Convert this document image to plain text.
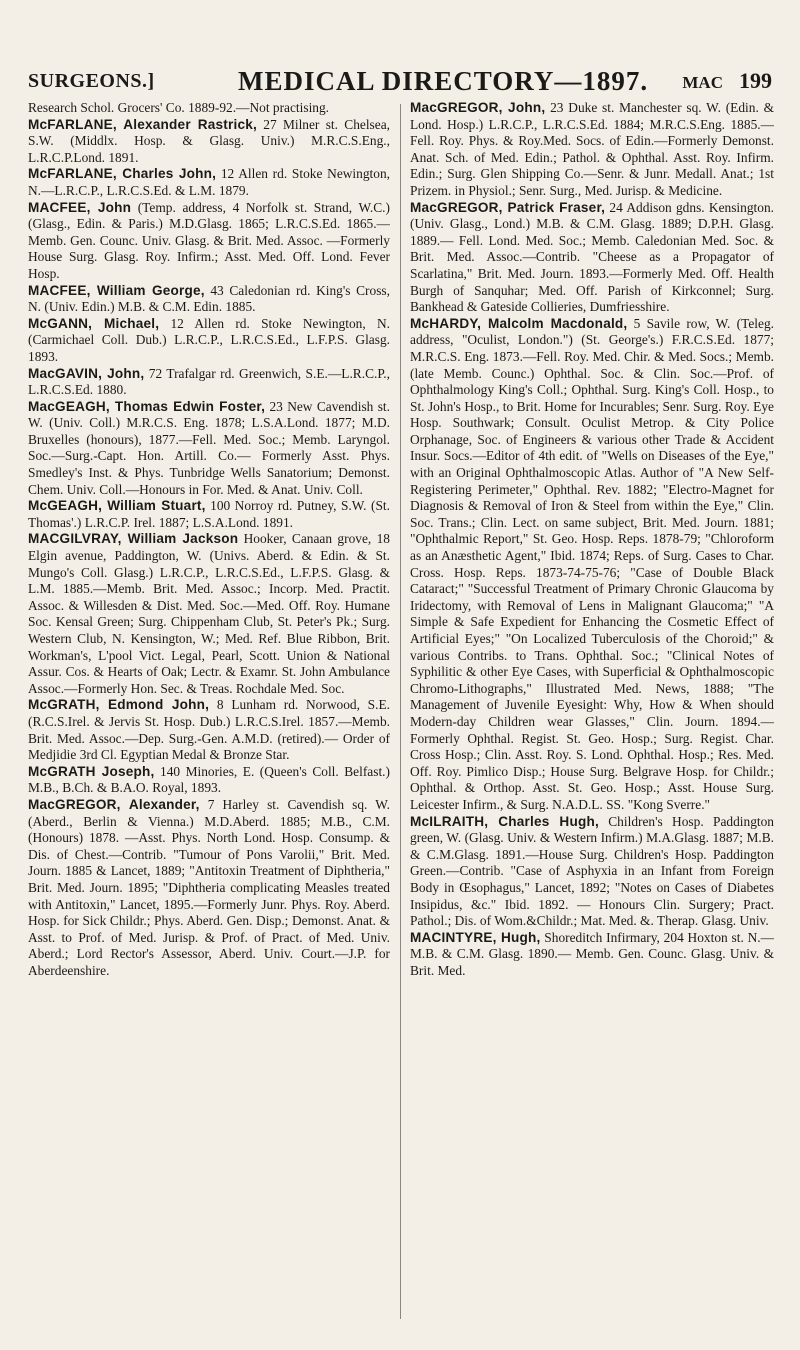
SURGEONS.]	MEDICAL DIRECTORY—1897. MAC 199

Research Schol. Grocers' Co. 1889-92.—Not practising.

McFARLANE, Alexander Rastrick, 27 Milner st. Chelsea, S.W. (Middlx. Hosp. & Glasg. Univ.) M.R.C.S.Eng., L.R.C.P.Lond. 1891.

McFARLANE, Charles John, 12 Allen rd. Stoke Newington, N.—L.R.C.P., L.R.C.S.Ed. & L.M. 1879.

MACFEE, John (Temp. address, 4 Norfolk st. Strand, W.C.) (Glasg., Edin. & Paris.) M.D.Glasg. 1865; L.R.C.S.Ed. 1865.—Memb. Gen. Counc. Univ. Glasg. & Brit. Med. Assoc. —Formerly House Surg. Glasg. Roy. Infirm.; Asst. Med. Off. Lond. Fever Hosp.

MACFEE, William George, 43 Caledonian rd. King's Cross, N. (Univ. Edin.) M.B. & C.M. Edin. 1885.

McGANN, Michael, 12 Allen rd. Stoke Newington, N. (Carmichael Coll. Dub.) L.R.C.P., L.R.C.S.Ed., L.F.P.S. Glasg. 1893.

MacGAVIN, John, 72 Trafalgar rd. Greenwich, S.E.—L.R.C.P., L.R.C.S.Ed. 1880.

MacGEAGH, Thomas Edwin Foster, 23 New Cavendish st. W. (Univ. Coll.) M.R.C.S. Eng. 1878; L.S.A.Lond. 1877; M.D. Bruxelles (honours), 1877.—Fell. Med. Soc.; Memb. Laryngol. Soc.—Surg.-Capt. Hon. Artill. Co.— Formerly Asst. Phys. Smedley's Inst. & Phys. Tunbridge Wells Sanatorium; Demonst. Chem. Univ. Coll.—Honours in For. Med. & Anat. Univ. Coll.

McGEAGH, William Stuart, 100 Norroy rd. Putney, S.W. (St. Thomas'.) L.R.C.P. Irel. 1887; L.S.A.Lond. 1891.

MACGILVRAY, William Jackson Hooker, Canaan grove, 18 Elgin avenue, Paddington, W. (Univs. Aberd. & Edin. & St. Mungo's Coll. Glasg.) L.R.C.P., L.R.C.S.Ed., L.F.P.S. Glasg. & L.M. 1885.—Memb. Brit. Med. Assoc.; Incorp. Med. Practit. Assoc. & Willesden & Dist. Med. Soc.—Med. Off. Roy. Humane Soc. Kensal Green; Surg. Chippenham Club, St. Peter's Pk.; Surg. Western Club, N. Kensington, W.; Med. Ref. Blue Ribbon, Brit. Workman's, L'pool Vict. Legal, Pearl, Scott. Union & National Assur. Cos. & Hearts of Oak; Lectr. & Examr. St. John Ambulance Assoc.—Formerly Hon. Sec. & Treas. Rochdale Med. Soc.

McGRATH, Edmond John, 8 Lunham rd. Norwood, S.E. (R.C.S.Irel. & Jervis St. Hosp. Dub.) L.R.C.S.Irel. 1857.—Memb. Brit. Med. Assoc.—Dep. Surg.-Gen. A.M.D. (retired).— Order of Medjidie 3rd Cl. Egyptian Medal & Bronze Star.

McGRATH Joseph, 140 Minories, E. (Queen's Coll. Belfast.) M.B., B.Ch. & B.A.O. Royal, 1893.

MacGREGOR, Alexander, 7 Harley st. Cavendish sq. W. (Aberd., Berlin & Vienna.) M.D.Aberd. 1885; M.B., C.M. (Honours) 1878. —Asst. Phys. North Lond. Hosp. Consump. & Dis. of Chest.—Contrib. "Tumour of Pons Varolii," Brit. Med. Journ. 1885 & Lancet, 1889; "Antitoxin Treatment of Diphtheria," Brit. Med. Journ. 1895; "Diphtheria complicating Measles treated with Antitoxin," Lancet, 1895.—Formerly Junr. Phys. Roy. Aberd. Hosp. for Sick Childr.; Phys. Aberd. Gen. Disp.; Demonst. Anat. & Asst. to Prof. of Med. Jurisp. & Prof. of Pract. of Med. Univ. Aberd.; Lord Rector's Assessor, Aberd. Univ. Court.—J.P. for Aberdeenshire.

MacGREGOR, John, 23 Duke st. Manchester sq. W. (Edin. & Lond. Hosp.) L.R.C.P., L.R.C.S.Ed. 1884; M.R.C.S.Eng. 1885.—Fell. Roy. Phys. & Roy.Med. Socs. of Edin.—Formerly Demonst. Anat. Sch. of Med. Edin.; Pathol. & Ophthal. Asst. Roy. Infirm. Edin.; Surg. Glen Shipping Co.—Senr. & Junr. Medall. Anat.; 1st Prizem. in Physiol.; Senr. Surg., Med. Jurisp. & Medicine.

MacGREGOR, Patrick Fraser, 24 Addison gdns. Kensington. (Univ. Glasg., Lond.) M.B. & C.M. Glasg. 1889; D.P.H. Glasg. 1889.— Fell. Lond. Med. Soc.; Memb. Caledonian Med. Soc. & Brit. Med. Assoc.—Contrib. "Cheese as a Propagator of Scarlatina," Brit. Med. Journ. 1893.—Formerly Med. Off. Health Burgh of Sanquhar; Med. Off. Parish of Kirkconnel; Surg. Bankhead & Gateside Collieries, Dumfriesshire.

McHARDY, Malcolm Macdonald, 5 Savile row, W. (Teleg. address, "Oculist, London.") (St. George's.) F.R.C.S.Ed. 1877; M.R.C.S. Eng. 1873.—Fell. Roy. Med. Chir. & Med. Socs.; Memb. (late Memb. Counc.) Ophthal. Soc. & Clin. Soc.—Prof. of Ophthalmology King's Coll.; Ophthal. Surg. King's Coll. Hosp., to St. John's Hosp., to Brit. Home for Incurables; Senr. Surg. Roy. Eye Hosp. Southwark; Consult. Oculist Metrop. & City Police Orphanage, Soc. of Engineers & various other Trade & Accident Insur. Socs.—Editor of 4th edit. of "Wells on Diseases of the Eye," with an Original Ophthalmoscopic Atlas. Author of "A New Self-Registering Perimeter," Ophthal. Rev. 1882; "Electro-Magnet for Diagnosis & Removal of Iron & Steel from within the Eye," Clin. Soc. Trans.; Clin. Lect. on same subject, Brit. Med. Journ. 1881; "Ophthalmic Report," St. Geo. Hosp. Reps. 1878-79; "Chloroform as an Anæsthetic Agent," Ibid. 1874; Reps. of Surg. Cases to Char. Cross. Hosp. Reps. 1873-74-75-76; "Case of Double Black Cataract;" "Successful Treatment of Primary Chronic Glaucoma by Iridectomy, with Removal of Lens in Malignant Glaucoma;" "A Simple & Safe Expedient for Enhancing the Cosmetic Effect of Artificial Eyes;" "On Localized Tuberculosis of the Choroid;" & various Contribs. to Trans. Ophthal. Soc.; "Clinical Notes of Syphilitic & other Eye Cases, with Superficial & Ophthalmoscopic Chromo-Lithographs," Illustrated Med. News, 1888; "The Management of Juvenile Eyesight: Why, How & When should Modern-day Children wear Glasses," Clin. Journ. 1894.— Formerly Ophthal. Regist. St. Geo. Hosp.; Surg. Regist. Char. Cross Hosp.; Clin. Asst. Roy. S. Lond. Ophthal. Hosp.; Res. Med. Off. Roy. Pimlico Disp.; House Surg. Belgrave Hosp. for Childr.; Ophthal. & Orthop. Asst. St. Geo. Hosp.; Asst. House Surg. Leicester Infirm., & Surg. N.A.D.L. SS. "Kong Sverre."

McILRAITH, Charles Hugh, Children's Hosp. Paddington green, W. (Glasg. Univ. & Western Infirm.) M.A.Glasg. 1887; M.B. & C.M.Glasg. 1891.—House Surg. Children's Hosp. Paddington Green.—Contrib. "Case of Asphyxia in an Infant from Foreign Body in Œsophagus," Lancet, 1892; "Notes on Cases of Diabetes Insipidus, &c." Ibid. 1892. — Honours Clin. Surgery; Pract. Pathol.; Dis. of Wom.&Childr.; Mat. Med. &. Therap. Glasg. Univ.

MACINTYRE, Hugh, Shoreditch Infirmary, 204 Hoxton st. N.—M.B. & C.M. Glasg. 1890.— Memb. Gen. Counc. Glasg. Univ. & Brit. Med.
